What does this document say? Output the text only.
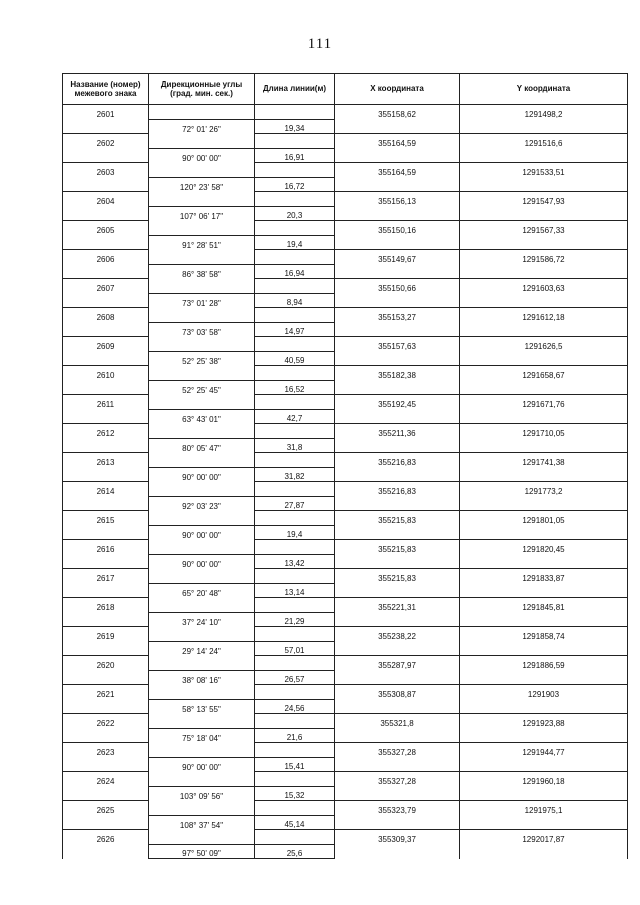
111
Название (номер) межевого знака	Дирекционные углы (град. мин. сек.)	Длина линии(м)	X координата	Y координата
2601			355158,62	1291498,2
	72° 01' 26"	19,34		
2602			355164,59	1291516,6
	90° 00' 00"	16,91		
2603			355164,59	1291533,51
	120° 23' 58"	16,72		
2604			355156,13	1291547,93
	107° 06' 17"	20,3		
2605			355150,16	1291567,33
	91° 28' 51"	19,4		
2606			355149,67	1291586,72
	86° 38' 58"	16,94		
2607			355150,66	1291603,63
	73° 01' 28"	8,94		
2608			355153,27	1291612,18
	73° 03' 58"	14,97		
2609			355157,63	1291626,5
	52° 25' 38"	40,59		
2610			355182,38	1291658,67
	52° 25' 45"	16,52		
2611			355192,45	1291671,76
	63° 43' 01"	42,7		
2612			355211,36	1291710,05
	80° 05' 47"	31,8		
2613			355216,83	1291741,38
	90° 00' 00"	31,82		
2614			355216,83	1291773,2
	92° 03' 23"	27,87		
2615			355215,83	1291801,05
	90° 00' 00"	19,4		
2616			355215,83	1291820,45
	90° 00' 00"	13,42		
2617			355215,83	1291833,87
	65° 20' 48"	13,14		
2618			355221,31	1291845,81
	37° 24' 10"	21,29		
2619			355238,22	1291858,74
	29° 14' 24"	57,01		
2620			355287,97	1291886,59
	38° 08' 16"	26,57		
2621			355308,87	1291903
	58° 13' 55"	24,56		
2622			355321,8	1291923,88
	75° 18' 04"	21,6		
2623			355327,28	1291944,77
	90° 00' 00"	15,41		
2624			355327,28	1291960,18
	103° 09' 56"	15,32		
2625			355323,79	1291975,1
	108° 37' 54"	45,14		
2626			355309,37	1292017,87
	97° 50' 09"	25,6		
